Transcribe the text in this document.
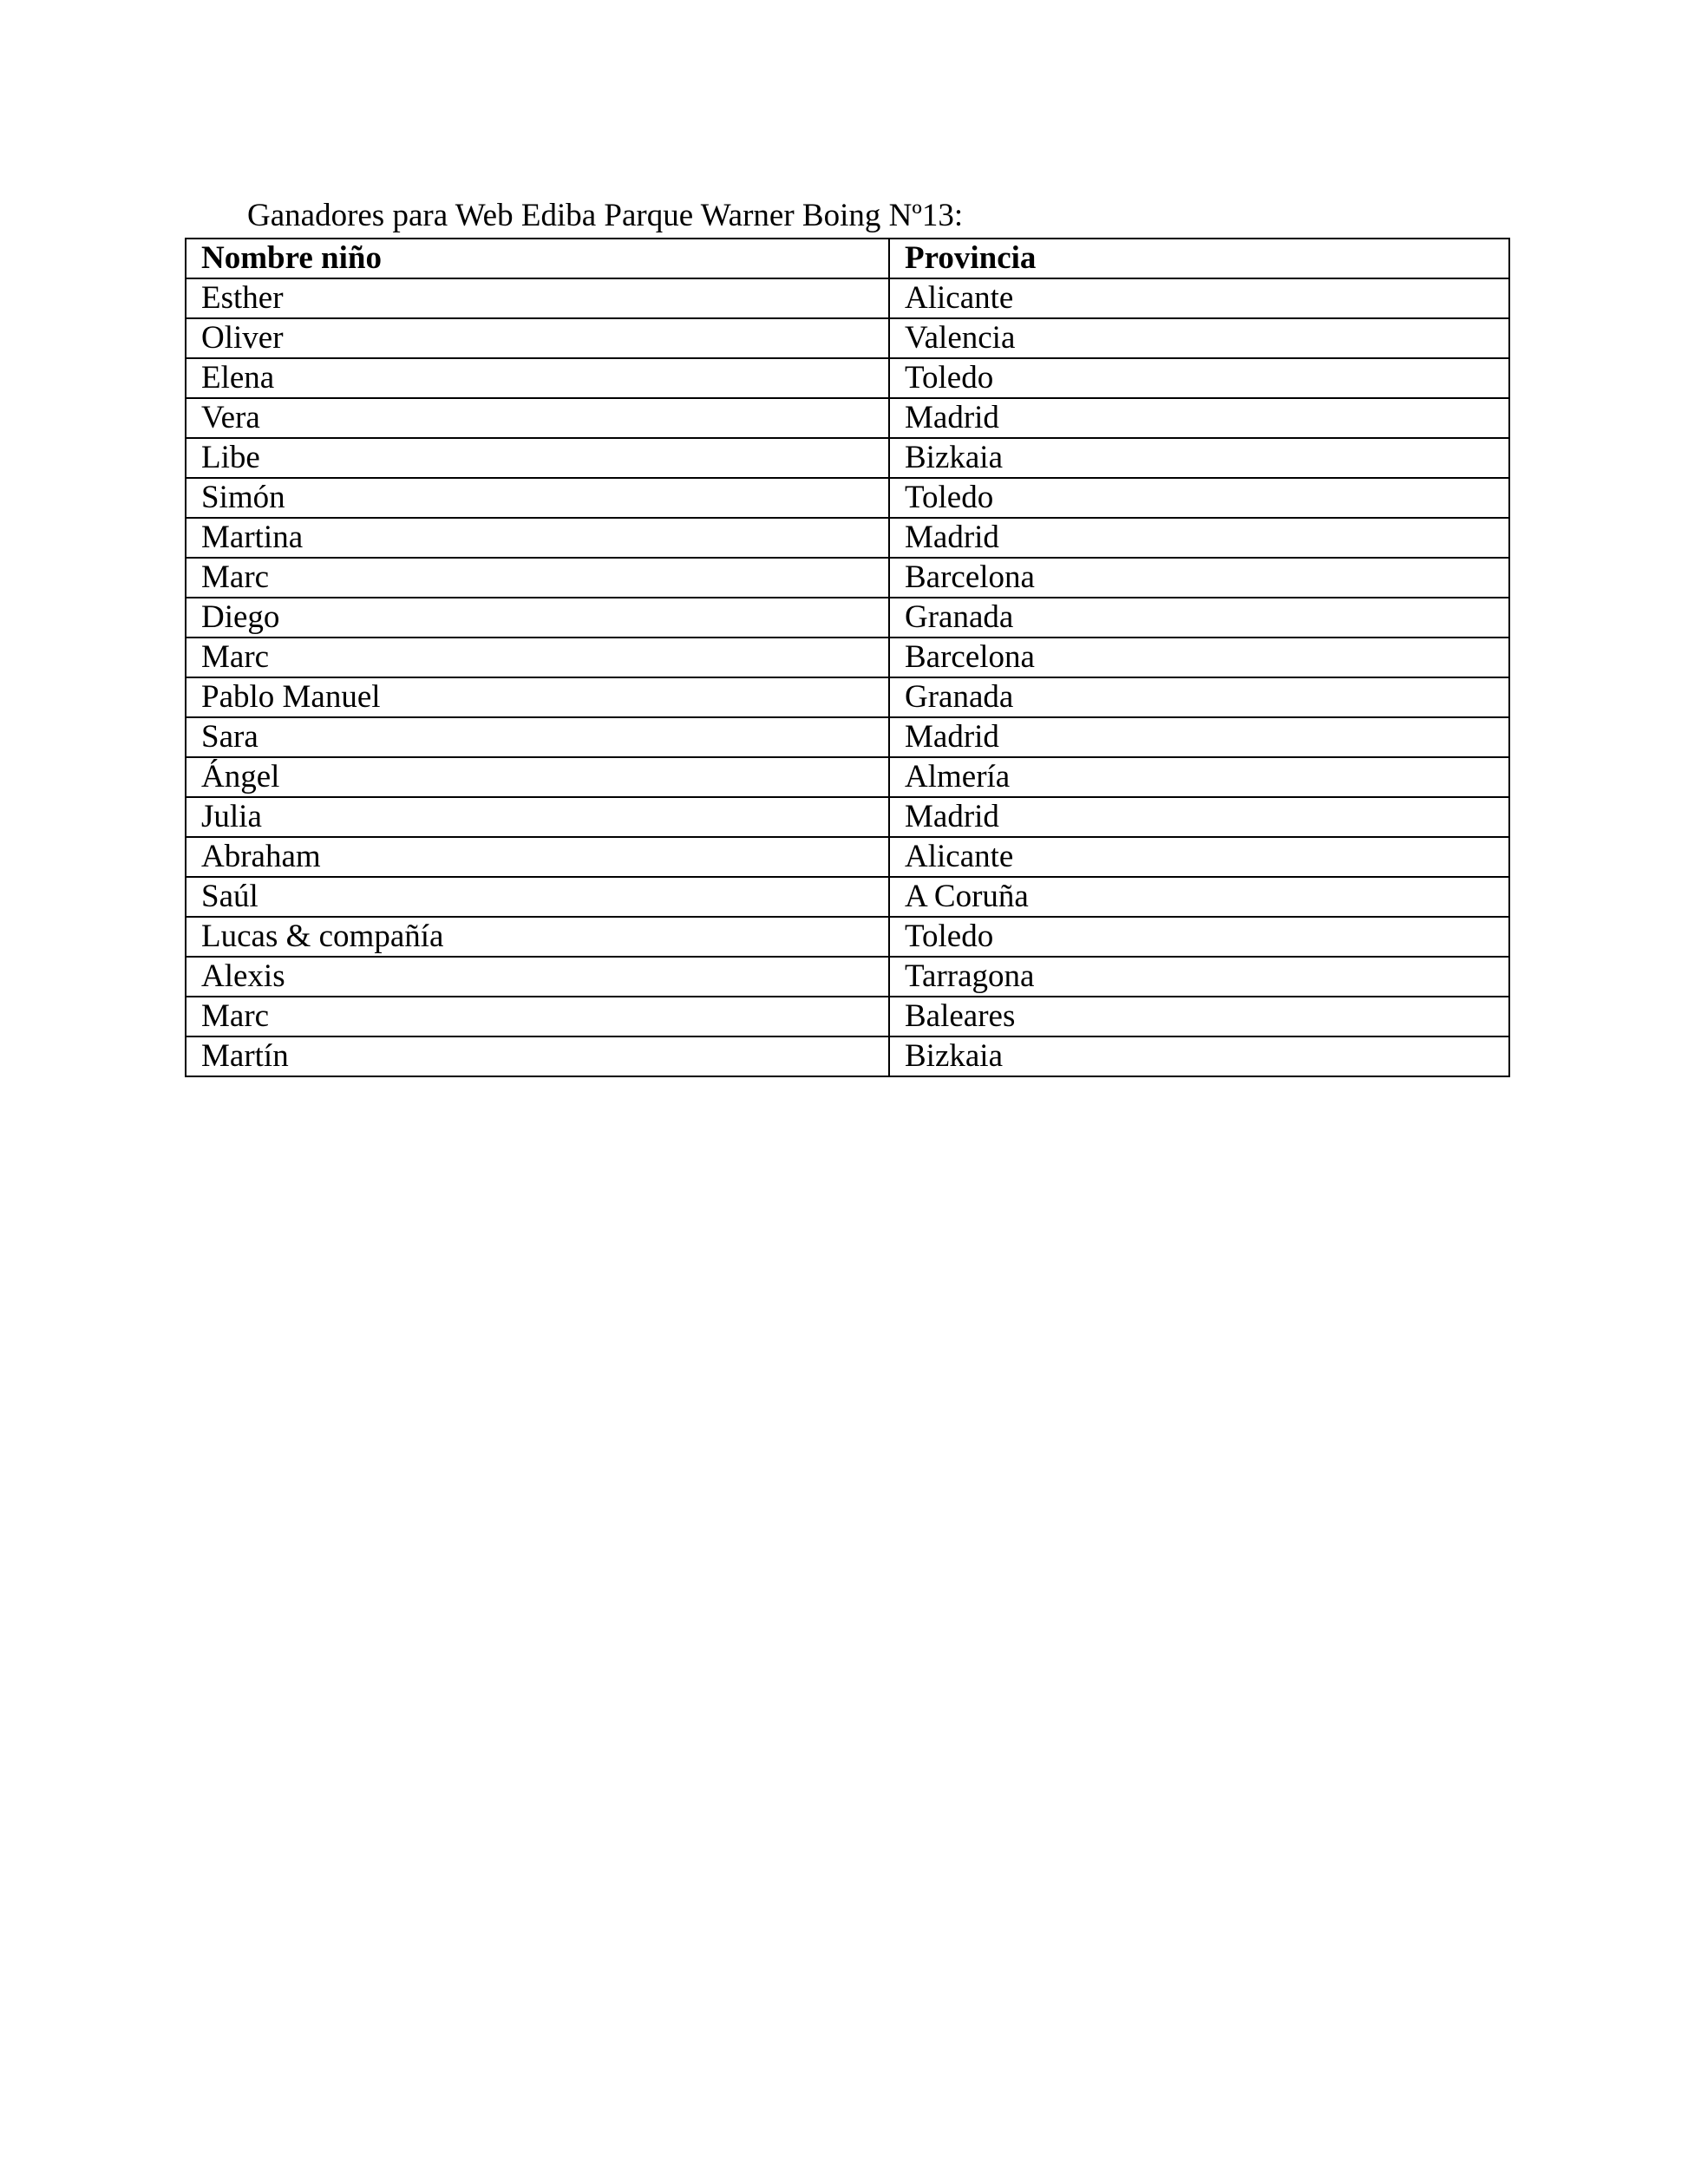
Ganadores para Web Ediba Parque Warner Boing Nº13:
Nombre niño	Provincia
Esther	Alicante
Oliver	Valencia
Elena	Toledo
Vera	Madrid
Libe	Bizkaia
Simón	Toledo
Martina	Madrid
Marc	Barcelona
Diego	Granada
Marc	Barcelona
Pablo Manuel	Granada
Sara	Madrid
Ángel	Almería
Julia	Madrid
Abraham	Alicante
Saúl	A Coruña
Lucas & compañía	Toledo
Alexis	Tarragona
Marc	Baleares
Martín	Bizkaia
